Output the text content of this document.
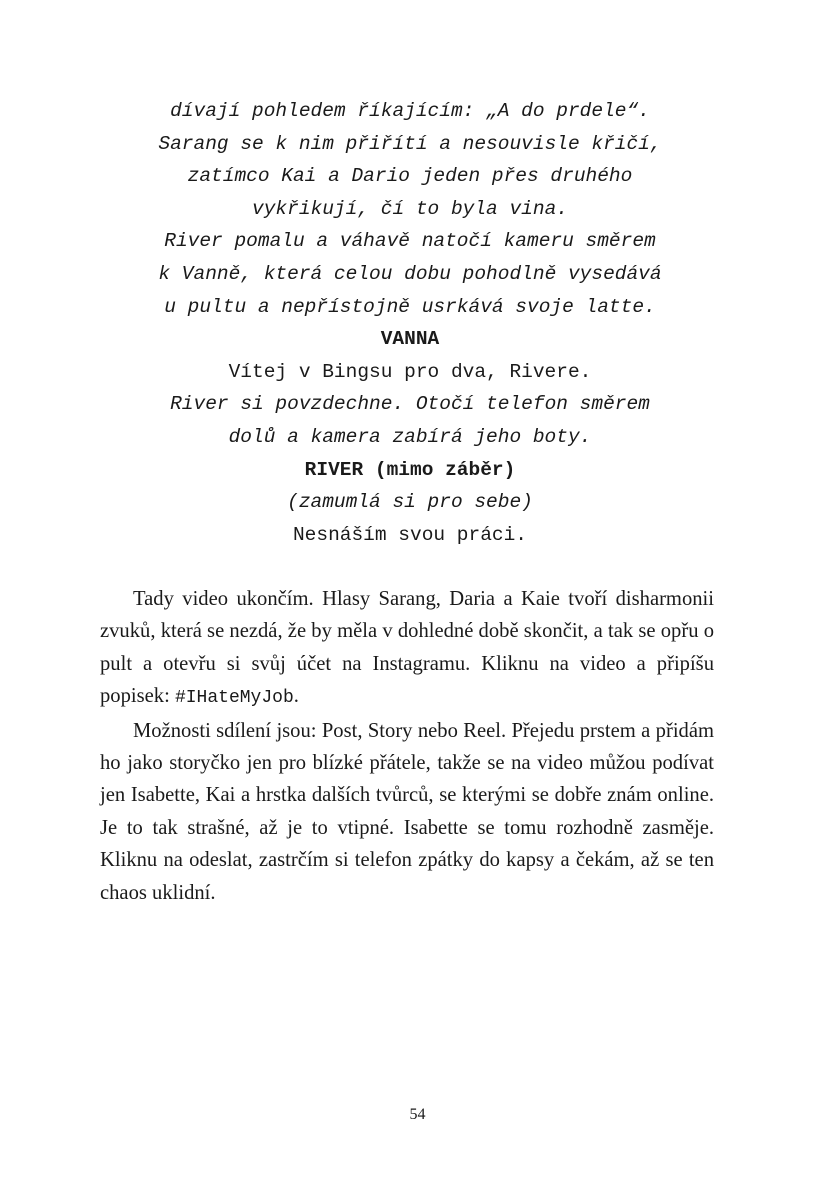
dívají pohledem říkajícím: „A do prdele“.
Sarang se k nim přiřítí a nesouvisle křičí,
zatímco Kai a Dario jeden přes druhého
vykřikují, čí to byla vina.
River pomalu a váhavě natočí kameru směrem
k Vanně, která celou dobu pohodlně vysedává
u pultu a nepřístojně usrkává svoje latte.
VANNA
Vítej v Bingsu pro dva, Rivere.
River si povzdechne. Otočí telefon směrem
dolů a kamera zabírá jeho boty.
RIVER (mimo záběr)
(zamumlá si pro sebe)
Nesnáším svou práci.

Tady video ukončím. Hlasy Sarang, Daria a Kaie tvoří disharmonii zvuků, která se nezdá, že by měla v dohledné době skončit, a tak se opřu o pult a otevřu si svůj účet na Instagramu. Kliknu na video a připíšu popisek: #IHateMyJob.

Možnosti sdílení jsou: Post, Story nebo Reel. Přejedu prstem a přidám ho jako storyčko jen pro blízké přátele, takže se na video můžou podívat jen Isabette, Kai a hrstka dalších tvůrců, se kterými se dobře znám online. Je to tak strašné, až je to vtipné. Isabette se tomu rozhodně zasměje. Kliknu na odeslat, zastrčím si telefon zpátky do kapsy a čekám, až se ten chaos uklidní.

54
